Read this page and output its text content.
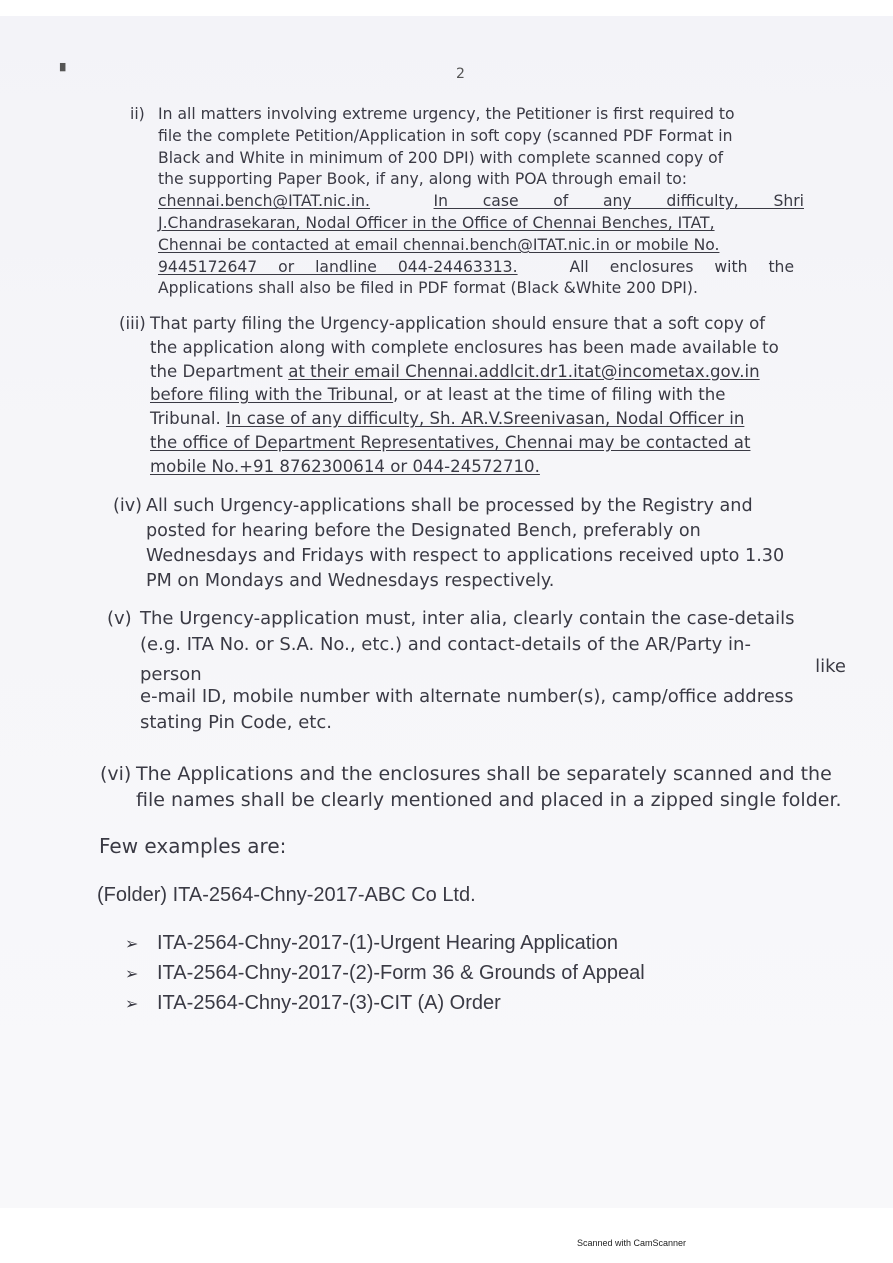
▘	2
ii) In all matters involving extreme urgency, the Petitioner is first required to
file the complete Petition/Application in soft copy (scanned PDF Format in
Black and White in minimum of 200 DPI) with complete scanned copy of
the supporting Paper Book, if any, along with POA through email to:
chennai.bench@ITAT.nic.in.	In case of any difficulty, Shri
J.Chandrasekaran, Nodal Officer in the Office of Chennai Benches, ITAT,
Chennai be contacted at email chennai.bench@ITAT.nic.in or mobile No.
9445172647 or landline 044-24463313.	All enclosures with the
Applications shall also be filed in PDF format (Black &White 200 DPI).
(iii) That party filing the Urgency-application should ensure that a soft copy of
the application along with complete enclosures has been made available to
the Department at their email Chennai.addlcit.dr1.itat@incometax.gov.in
before filing with the Tribunal, or at least at the time of filing with the
Tribunal. In case of any difficulty, Sh. AR.V.Sreenivasan, Nodal Officer in
the office of Department Representatives, Chennai may be contacted at
mobile No.+91 8762300614 or 044-24572710.
(iv) All such Urgency-applications shall be processed by the Registry and
posted for hearing before the Designated Bench, preferably on
Wednesdays and Fridays with respect to applications received upto 1.30
PM on Mondays and Wednesdays respectively.
(v) The Urgency-application must, inter alia, clearly contain the case-details
(e.g. ITA No. or S.A. No., etc.) and contact-details of the AR/Party in-
person	like
e-mail ID, mobile number with alternate number(s), camp/office address
stating Pin Code, etc.
(vi) The Applications and the enclosures shall be separately scanned and the
file names shall be clearly mentioned and placed in a zipped single folder.
Few examples are:
(Folder) ITA-2564-Chny-2017-ABC Co Ltd.
➢ ITA-2564-Chny-2017-(1)-Urgent Hearing Application
➢ ITA-2564-Chny-2017-(2)-Form 36 & Grounds of Appeal
➢ ITA-2564-Chny-2017-(3)-CIT (A) Order
Scanned with CamScanner
